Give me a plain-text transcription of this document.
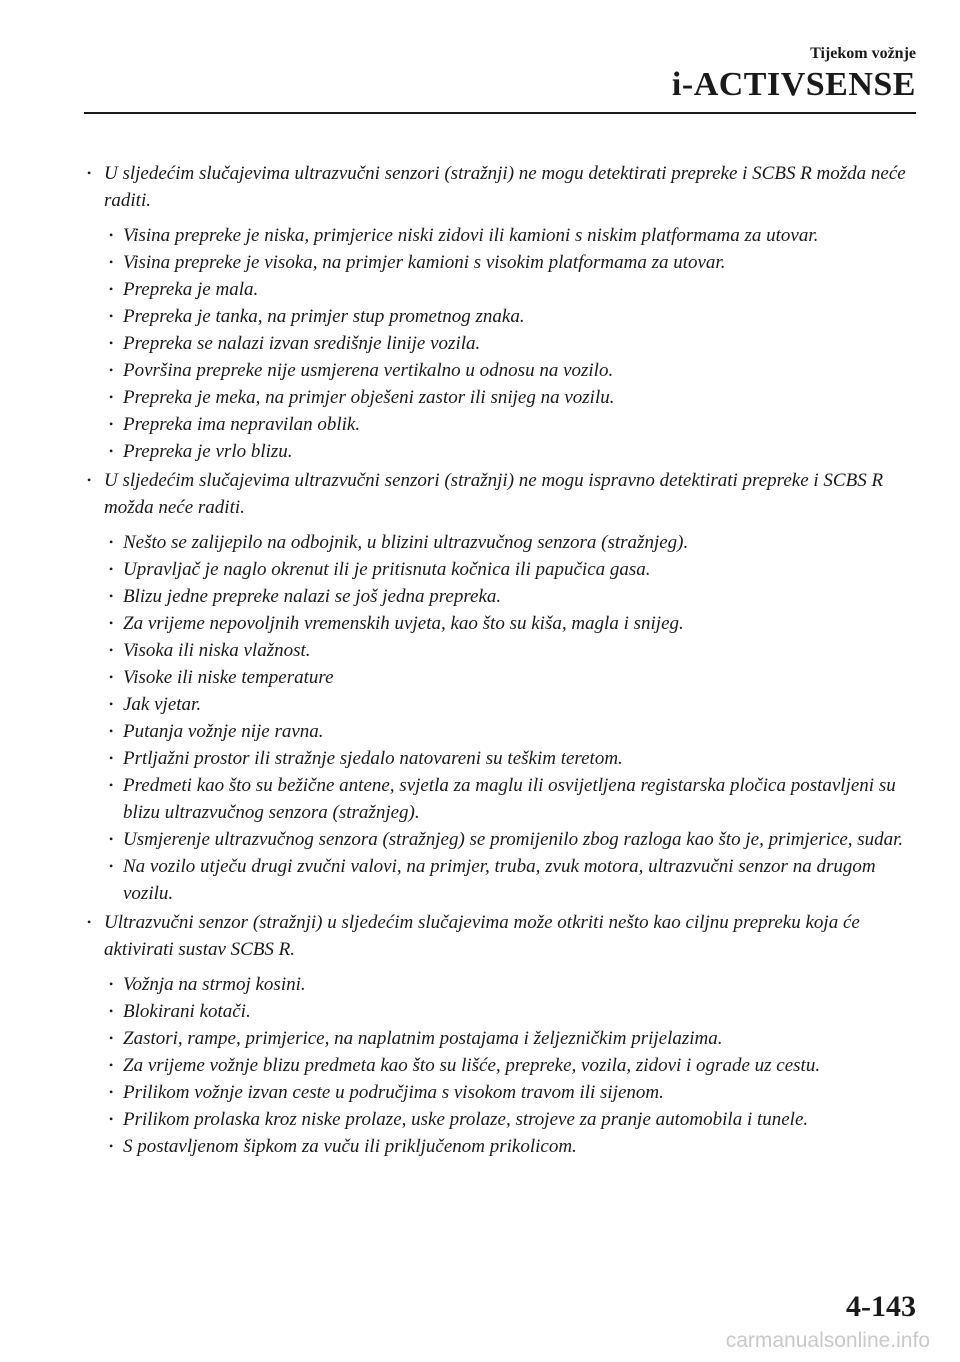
Tijekom vožnje
i-ACTIVSENSE
• U sljedećim slučajevima ultrazvučni senzori (stražnji) ne mogu detektirati prepreke i SCBS R možda neće raditi.
• Visina prepreke je niska, primjerice niski zidovi ili kamioni s niskim platformama za utovar.
• Visina prepreke je visoka, na primjer kamioni s visokim platformama za utovar.
• Prepreka je mala.
• Prepreka je tanka, na primjer stup prometnog znaka.
• Prepreka se nalazi izvan središnje linije vozila.
• Površina prepreke nije usmjerena vertikalno u odnosu na vozilo.
• Prepreka je meka, na primjer obješeni zastor ili snijeg na vozilu.
• Prepreka ima nepravilan oblik.
• Prepreka je vrlo blizu.
• U sljedećim slučajevima ultrazvučni senzori (stražnji) ne mogu ispravno detektirati prepreke i SCBS R možda neće raditi.
• Nešto se zalijepilo na odbojnik, u blizini ultrazvučnog senzora (stražnjeg).
• Upravljač je naglo okrenut ili je pritisnuta kočnica ili papučica gasa.
• Blizu jedne prepreke nalazi se još jedna prepreka.
• Za vrijeme nepovoljnih vremenskih uvjeta, kao što su kiša, magla i snijeg.
• Visoka ili niska vlažnost.
• Visoke ili niske temperature
• Jak vjetar.
• Putanja vožnje nije ravna.
• Prtljažni prostor ili stražnje sjedalo natovareni su teškim teretom.
• Predmeti kao što su bežične antene, svjetla za maglu ili osvijetljena registarska pločica postavljeni su blizu ultrazvučnog senzora (stražnjeg).
• Usmjerenje ultrazvučnog senzora (stražnjeg) se promijenilo zbog razloga kao što je, primjerice, sudar.
• Na vozilo utječu drugi zvučni valovi, na primjer, truba, zvuk motora, ultrazvučni senzor na drugom vozilu.
• Ultrazvučni senzor (stražnji) u sljedećim slučajevima može otkriti nešto kao ciljnu prepreku koja će aktivirati sustav SCBS R.
• Vožnja na strmoj kosini.
• Blokirani kotači.
• Zastori, rampe, primjerice, na naplatnim postajama i željezničkim prijelazima.
• Za vrijeme vožnje blizu predmeta kao što su lišće, prepreke, vozila, zidovi i ograde uz cestu.
• Prilikom vožnje izvan ceste u područjima s visokom travom ili sijenom.
• Prilikom prolaska kroz niske prolaze, uske prolaze, strojeve za pranje automobila i tunele.
• S postavljenom šipkom za vuču ili priključenom prikolicom.
4-143
carmanualsonline.info
